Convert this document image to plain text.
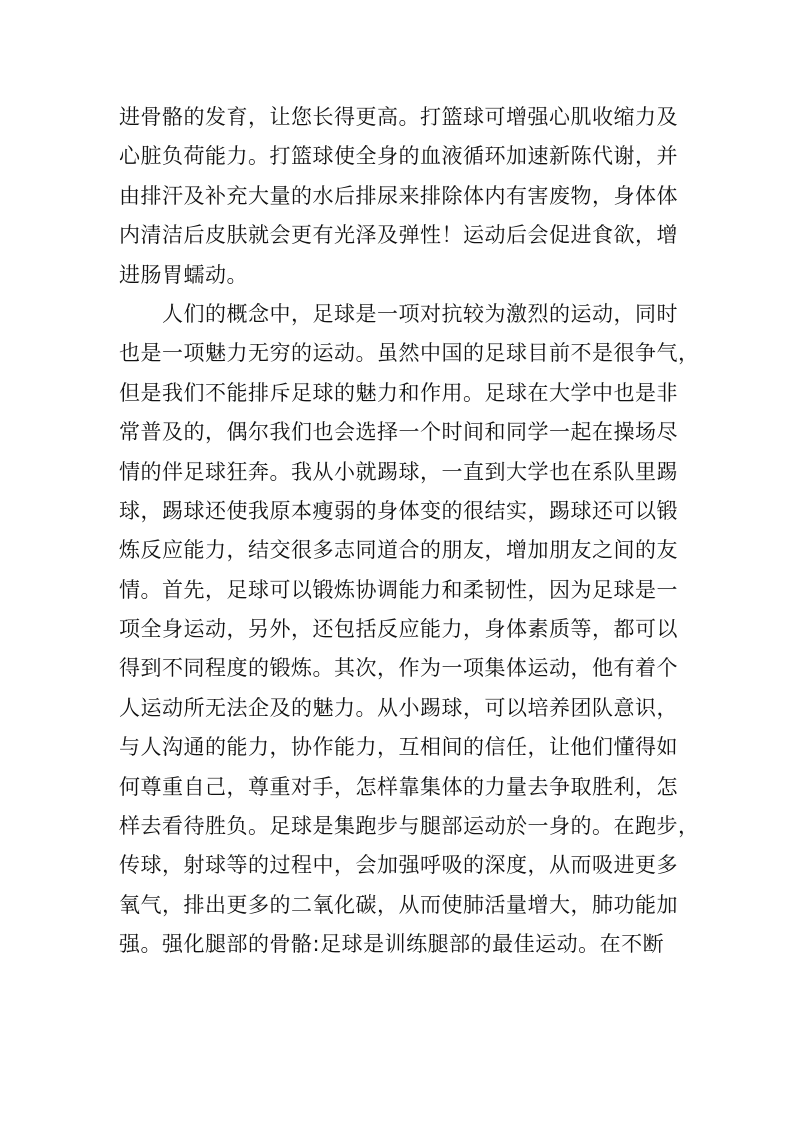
进骨骼的发育，让您长得更高。打篮球可增强心肌收缩力及
心脏负荷能力。打篮球使全身的血液循环加速新陈代谢，并
由排汗及补充大量的水后排尿来排除体内有害废物，身体体
内清洁后皮肤就会更有光泽及弹性！运动后会促进食欲，增
进肠胃蠕动。
　　人们的概念中，足球是一项对抗较为激烈的运动，同时
也是一项魅力无穷的运动。虽然中国的足球目前不是很争气，
但是我们不能排斥足球的魅力和作用。足球在大学中也是非
常普及的，偶尔我们也会选择一个时间和同学一起在操场尽
情的伴足球狂奔。我从小就踢球，一直到大学也在系队里踢
球，踢球还使我原本瘦弱的身体变的很结实，踢球还可以锻
炼反应能力，结交很多志同道合的朋友，增加朋友之间的友
情。首先，足球可以锻炼协调能力和柔韧性，因为足球是一
项全身运动，另外，还包括反应能力，身体素质等，都可以
得到不同程度的锻炼。其次，作为一项集体运动，他有着个
人运动所无法企及的魅力。从小踢球，可以培养团队意识，
与人沟通的能力，协作能力，互相间的信任，让他们懂得如
何尊重自己，尊重对手，怎样靠集体的力量去争取胜利，怎
样去看待胜负。足球是集跑步与腿部运动於一身的。在跑步，
传球，射球等的过程中，会加强呼吸的深度，从而吸进更多
氧气，排出更多的二氧化碳，从而使肺活量增大，肺功能加
强。强化腿部的骨骼:足球是训练腿部的最佳运动。在不断
